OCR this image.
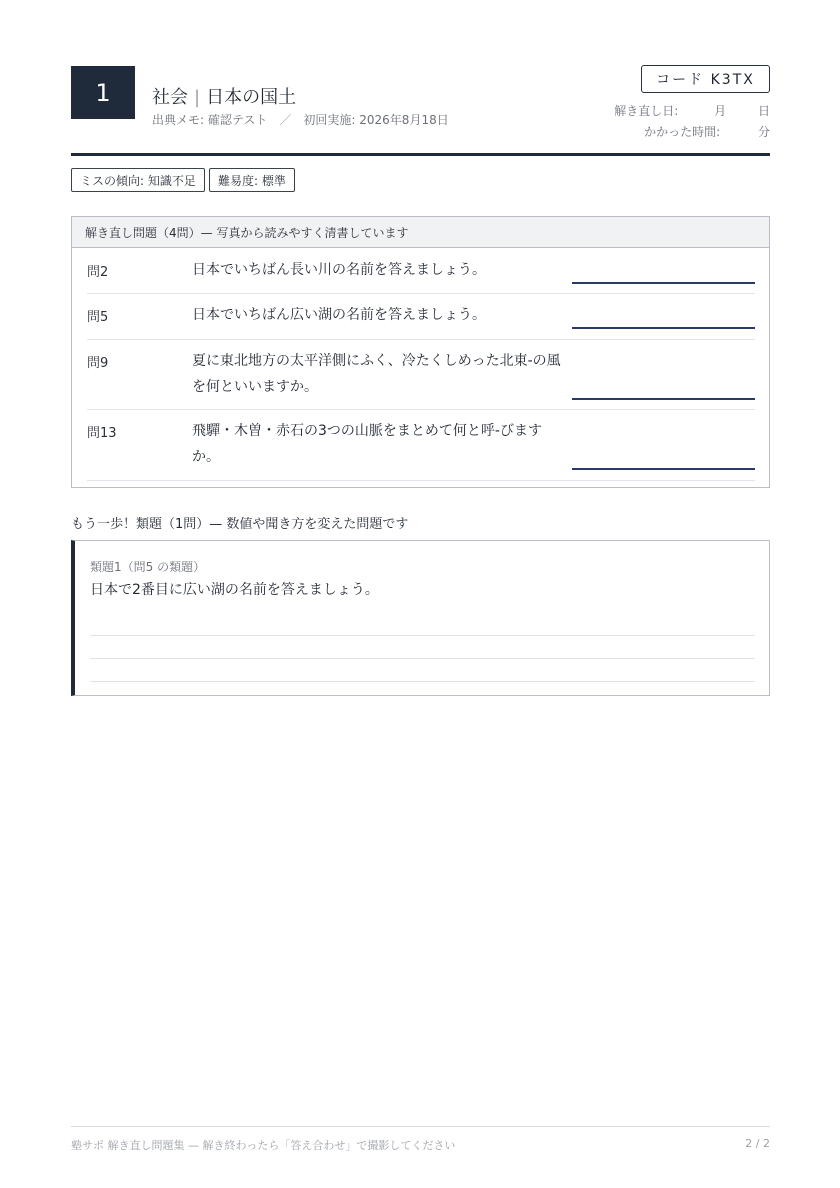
1	社会 | 日本の国土
出典メモ: 確認テスト ／ 初回実施: 2026年8月18日
コード K3TX
解き直し日:	月	日
かかった時間:	分
ミスの傾向: 知識不足	難易度: 標準
解き直し問題（4問）— 写真から読みやすく清書しています
問2	日本でいちばん長い川の名前を答えましょう。
問5	日本でいちばん広い湖の名前を答えましょう。
問9	夏に東北地方の太平洋側にふく、冷たくしめった北東-の風を何といいますか。
問13	飛驒・木曽・赤石の3つの山脈をまとめて何と呼-びますか。
もう一歩！類題（1問）— 数値や聞き方を変えた問題です
類題1（問5 の類題）
日本で2番目に広い湖の名前を答えましょう。
塾サポ 解き直し問題集 — 解き終わったら「答え合わせ」で撮影してください	2 / 2
